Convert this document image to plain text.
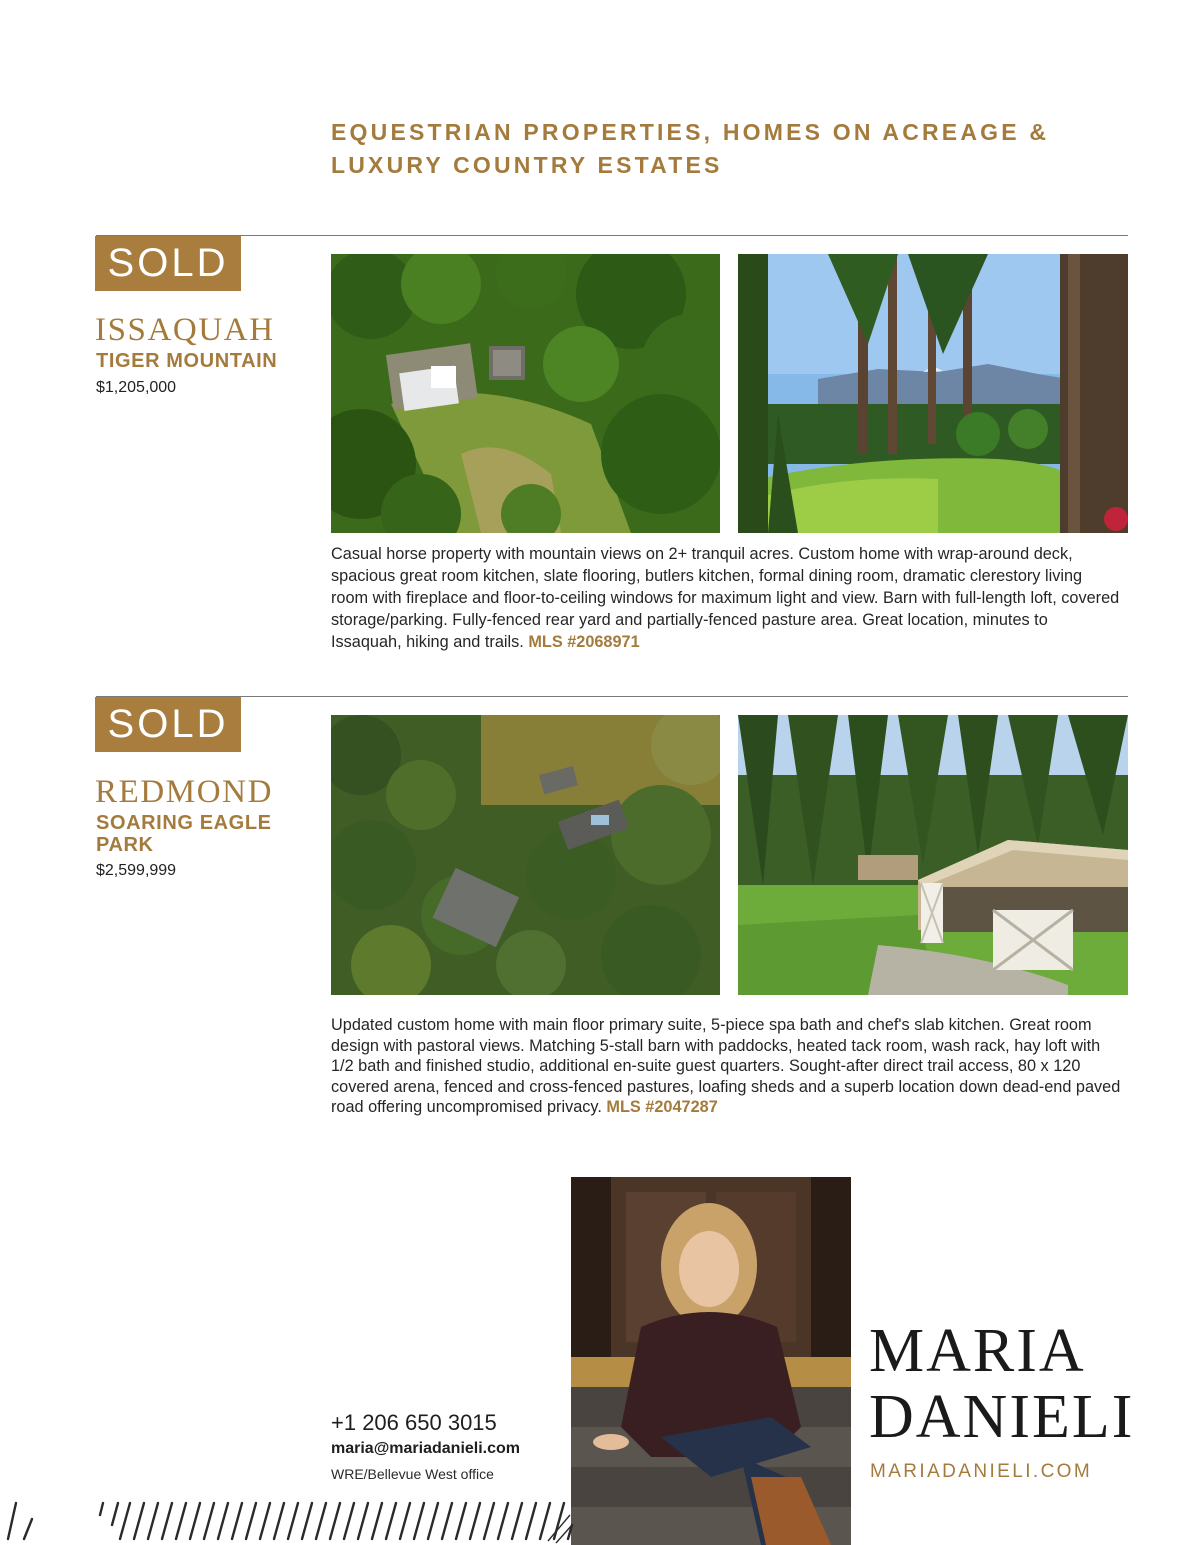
EQUESTRIAN PROPERTIES, HOMES ON ACREAGE &
LUXURY COUNTRY ESTATES
SOLD
ISSAQUAH
TIGER MOUNTAIN
$1,205,000
Casual horse property with mountain views on 2+ tranquil acres. Custom home with wrap-around deck, spacious great room kitchen, slate flooring, butlers kitchen, formal dining room, dramatic clerestory living room with fireplace and floor-to-ceiling windows for maximum light and view. Barn with full-length loft, covered storage/parking. Fully-fenced rear yard and partially-fenced pasture area. Great location, minutes to Issaquah, hiking and trails. MLS #2068971
SOLD
REDMOND
SOARING EAGLE PARK
$2,599,999
Updated custom home with main floor primary suite, 5-piece spa bath and chef's slab kitchen. Great room design with pastoral views. Matching 5-stall barn with paddocks, heated tack room, wash rack, hay loft with 1/2 bath and finished studio, additional en-suite guest quarters. Sought-after direct trail access, 80 x 120 covered arena, fenced and cross-fenced pastures, loafing sheds and a superb location down dead-end paved road offering uncompromised privacy. MLS #2047287
+1 206 650 3015
maria@mariadanieli.com
WRE/Bellevue West office
MARIA
DANIELI
MARIADANIELI.COM
